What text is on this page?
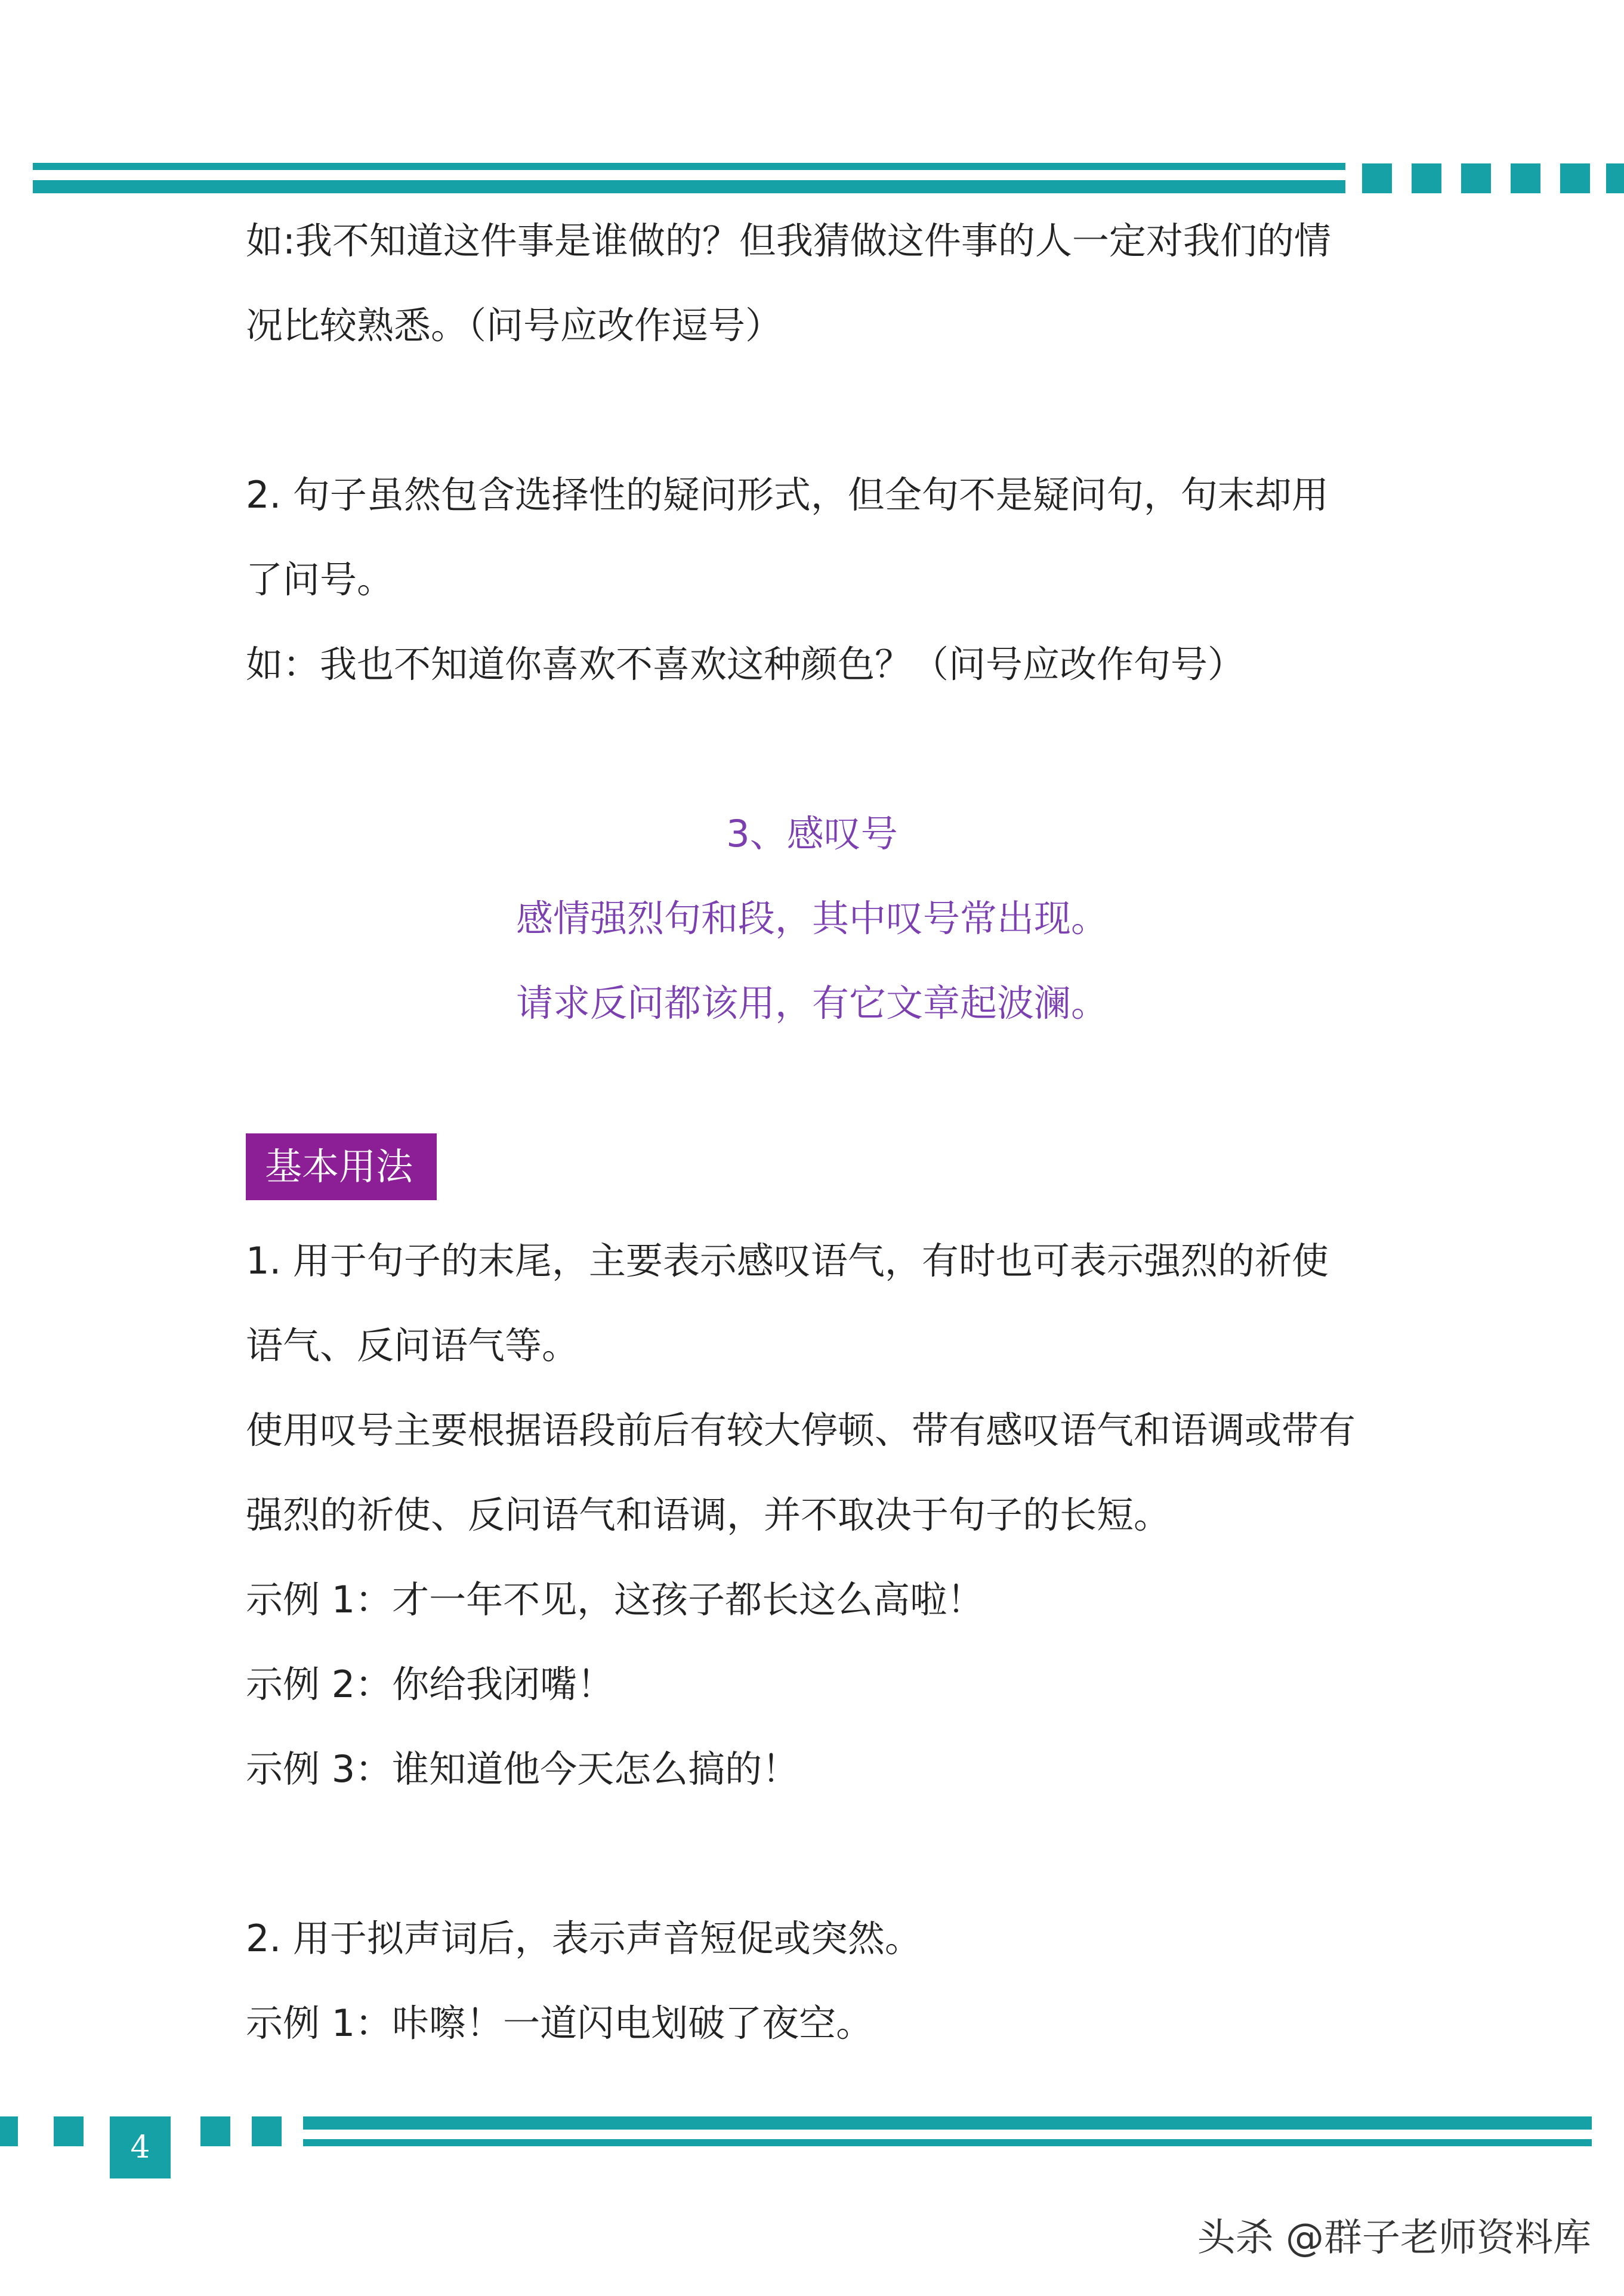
如:我不知道这件事是谁做的？但我猜做这件事的人一定对我们的情
况比较熟悉。（问号应改作逗号）
2. 句子虽然包含选择性的疑问形式，但全句不是疑问句，句末却用
了问号。
如：我也不知道你喜欢不喜欢这种颜色？（问号应改作句号）
3、感叹号
感情强烈句和段，其中叹号常出现。
请求反问都该用，有它文章起波澜。
基本用法
1. 用于句子的末尾，主要表示感叹语气，有时也可表示强烈的祈使
语气、反问语气等。
使用叹号主要根据语段前后有较大停顿、带有感叹语气和语调或带有
强烈的祈使、反问语气和语调，并不取决于句子的长短。
示例 1：才一年不见，这孩子都长这么高啦！
示例 2：你给我闭嘴！
示例 3：谁知道他今天怎么搞的！
2. 用于拟声词后，表示声音短促或突然。
示例 1：咔嚓！一道闪电划破了夜空。
4
头杀 @群子老师资料库
